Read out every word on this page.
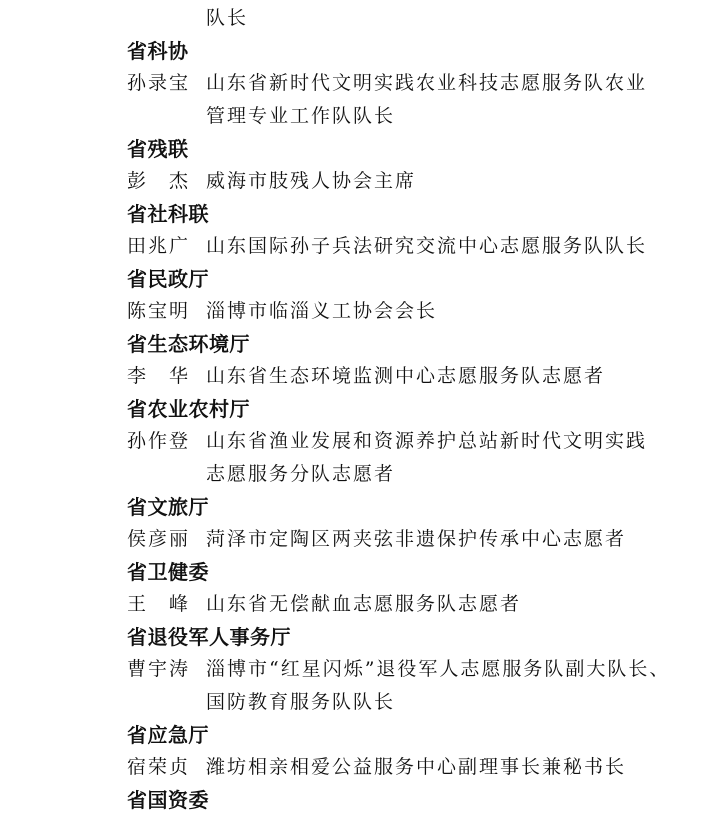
队长
省科协
孙录宝 山东省新时代文明实践农业科技志愿服务队农业
管理专业工作队队长
省残联
彭　杰 威海市肢残人协会主席
省社科联
田兆广 山东国际孙子兵法研究交流中心志愿服务队队长
省民政厅
陈宝明 淄博市临淄义工协会会长
省生态环境厅
李　华 山东省生态环境监测中心志愿服务队志愿者
省农业农村厅
孙作登 山东省渔业发展和资源养护总站新时代文明实践
志愿服务分队志愿者
省文旅厅
侯彦丽 菏泽市定陶区两夹弦非遗保护传承中心志愿者
省卫健委
王　峰 山东省无偿献血志愿服务队志愿者
省退役军人事务厅
曹宇涛 淄博市“红星闪烁”退役军人志愿服务队副大队长、
国防教育服务队队长
省应急厅
宿荣贞 潍坊相亲相爱公益服务中心副理事长兼秘书长
省国资委
